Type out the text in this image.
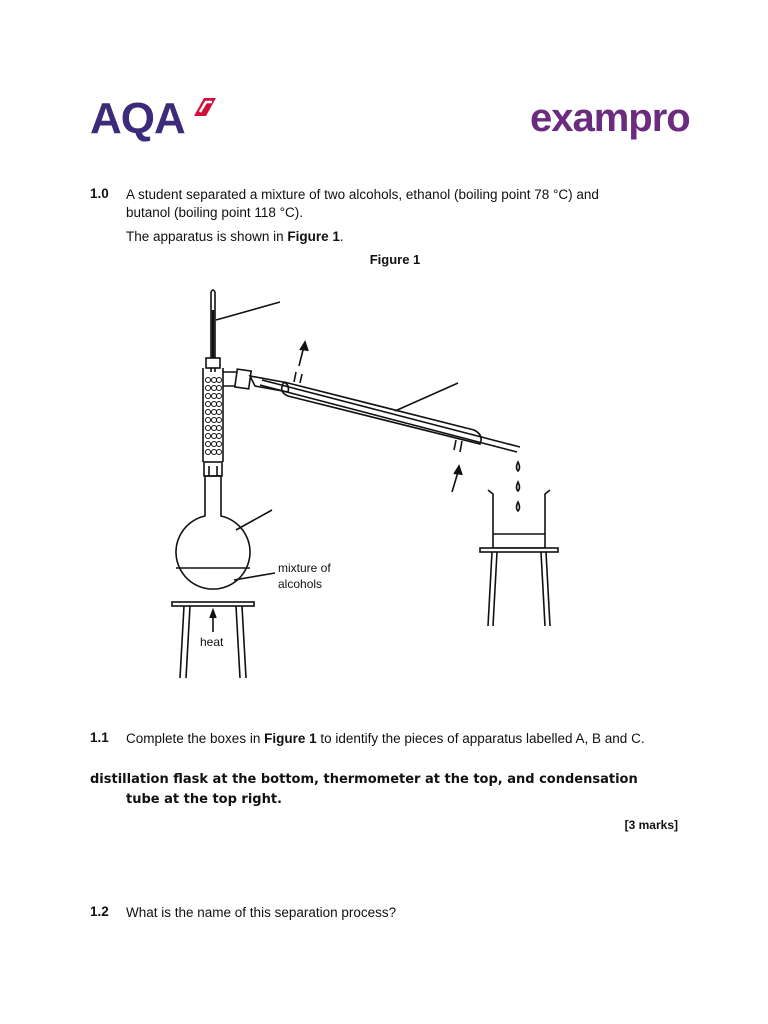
AQA	exampro
1.0 A student separated a mixture of two alcohols, ethanol (boiling point 78 °C) and
butanol (boiling point 118 °C).
The apparatus is shown in Figure 1.
Figure 1
mixture of
alcohols
heat
1.1 Complete the boxes in Figure 1 to identify the pieces of apparatus labelled A, B and C.
distillation flask at the bottom, thermometer at the top, and condensation
tube at the top right.
[3 marks]
1.2 What is the name of this separation process?
